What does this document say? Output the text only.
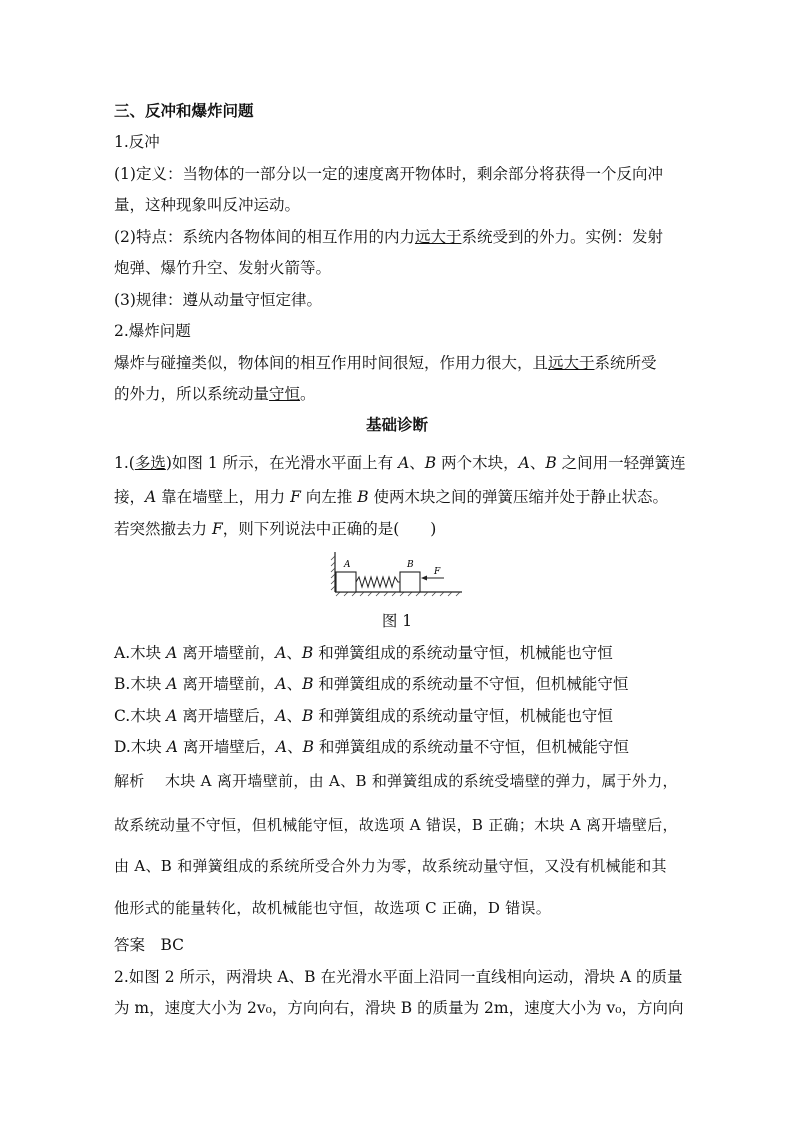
三、反冲和爆炸问题
1.反冲
(1)定义：当物体的一部分以一定的速度离开物体时，剩余部分将获得一个反向冲
量，这种现象叫反冲运动。
(2)特点：系统内各物体间的相互作用的内力远大于系统受到的外力。实例：发射
炮弹、爆竹升空、发射火箭等。
(3)规律：遵从动量守恒定律。
2.爆炸问题
爆炸与碰撞类似，物体间的相互作用时间很短，作用力很大，且远大于系统所受
的外力，所以系统动量守恒。
基础诊断
1.(多选)如图 1 所示，在光滑水平面上有 A、B 两个木块，A、B 之间用一轻弹簧连
接，A 靠在墙壁上，用力 F 向左推 B 使两木块之间的弹簧压缩并处于静止状态。
若突然撤去力 F，则下列说法中正确的是(　　)
A	B
F
图 1
A.木块 A 离开墙壁前，A、B 和弹簧组成的系统动量守恒，机械能也守恒
B.木块 A 离开墙壁前，A、B 和弹簧组成的系统动量不守恒，但机械能守恒
C.木块 A 离开墙壁后，A、B 和弹簧组成的系统动量守恒，机械能也守恒
D.木块 A 离开墙壁后，A、B 和弹簧组成的系统动量不守恒，但机械能守恒
解析　 木块 A 离开墙壁前，由 A、B 和弹簧组成的系统受墙壁的弹力，属于外力，
故系统动量不守恒，但机械能守恒，故选项 A 错误，B 正确；木块 A 离开墙壁后，
由 A、B 和弹簧组成的系统所受合外力为零，故系统动量守恒，又没有机械能和其
他形式的能量转化，故机械能也守恒，故选项 C 正确，D 错误。
答案　BC
2.如图 2 所示，两滑块 A、B 在光滑水平面上沿同一直线相向运动，滑块 A 的质量
为 m，速度大小为 2v₀，方向向右，滑块 B 的质量为 2m，速度大小为 v₀，方向向
